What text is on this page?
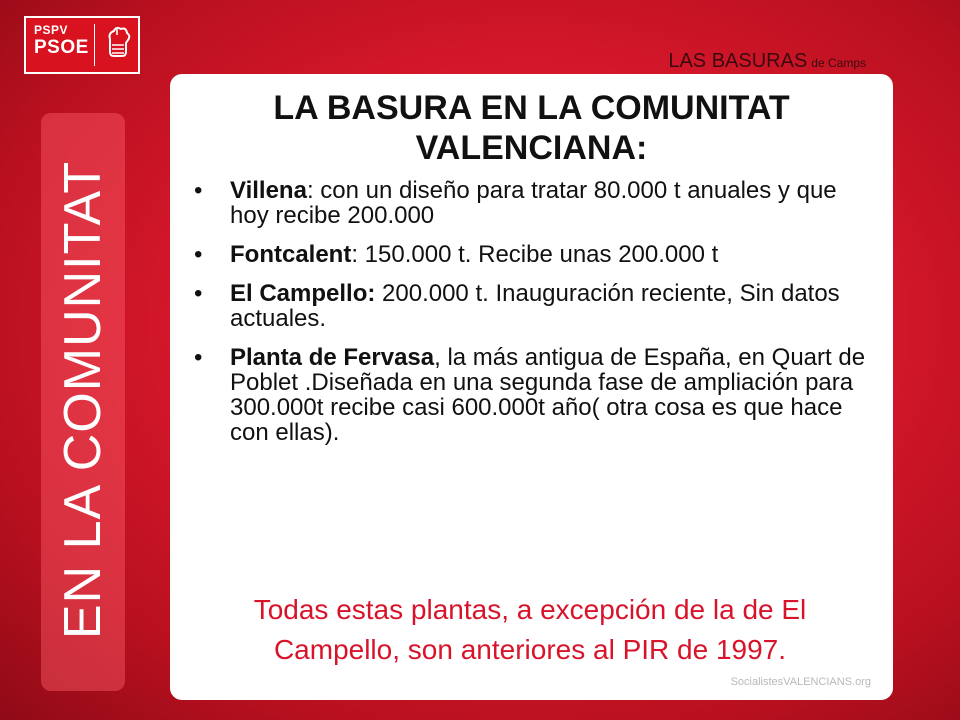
PSPV
PSOE
LAS BASURAS de Camps
EN LA COMUNITAT
LA BASURA EN LA COMUNITAT
VALENCIANA:
• Villena: con un diseño para tratar 80.000 t anuales y que hoy recibe 200.000
• Fontcalent: 150.000 t. Recibe unas 200.000 t
• El Campello: 200.000 t. Inauguración reciente, Sin datos actuales.
• Planta de Fervasa, la más antigua de España, en Quart de Poblet .Diseñada en una segunda fase de ampliación para 300.000t recibe casi 600.000t año( otra cosa es que hace con ellas).
Todas estas plantas, a excepción de la de El
Campello, son anteriores al PIR de 1997.
SocialistesVALENCIANS.org
